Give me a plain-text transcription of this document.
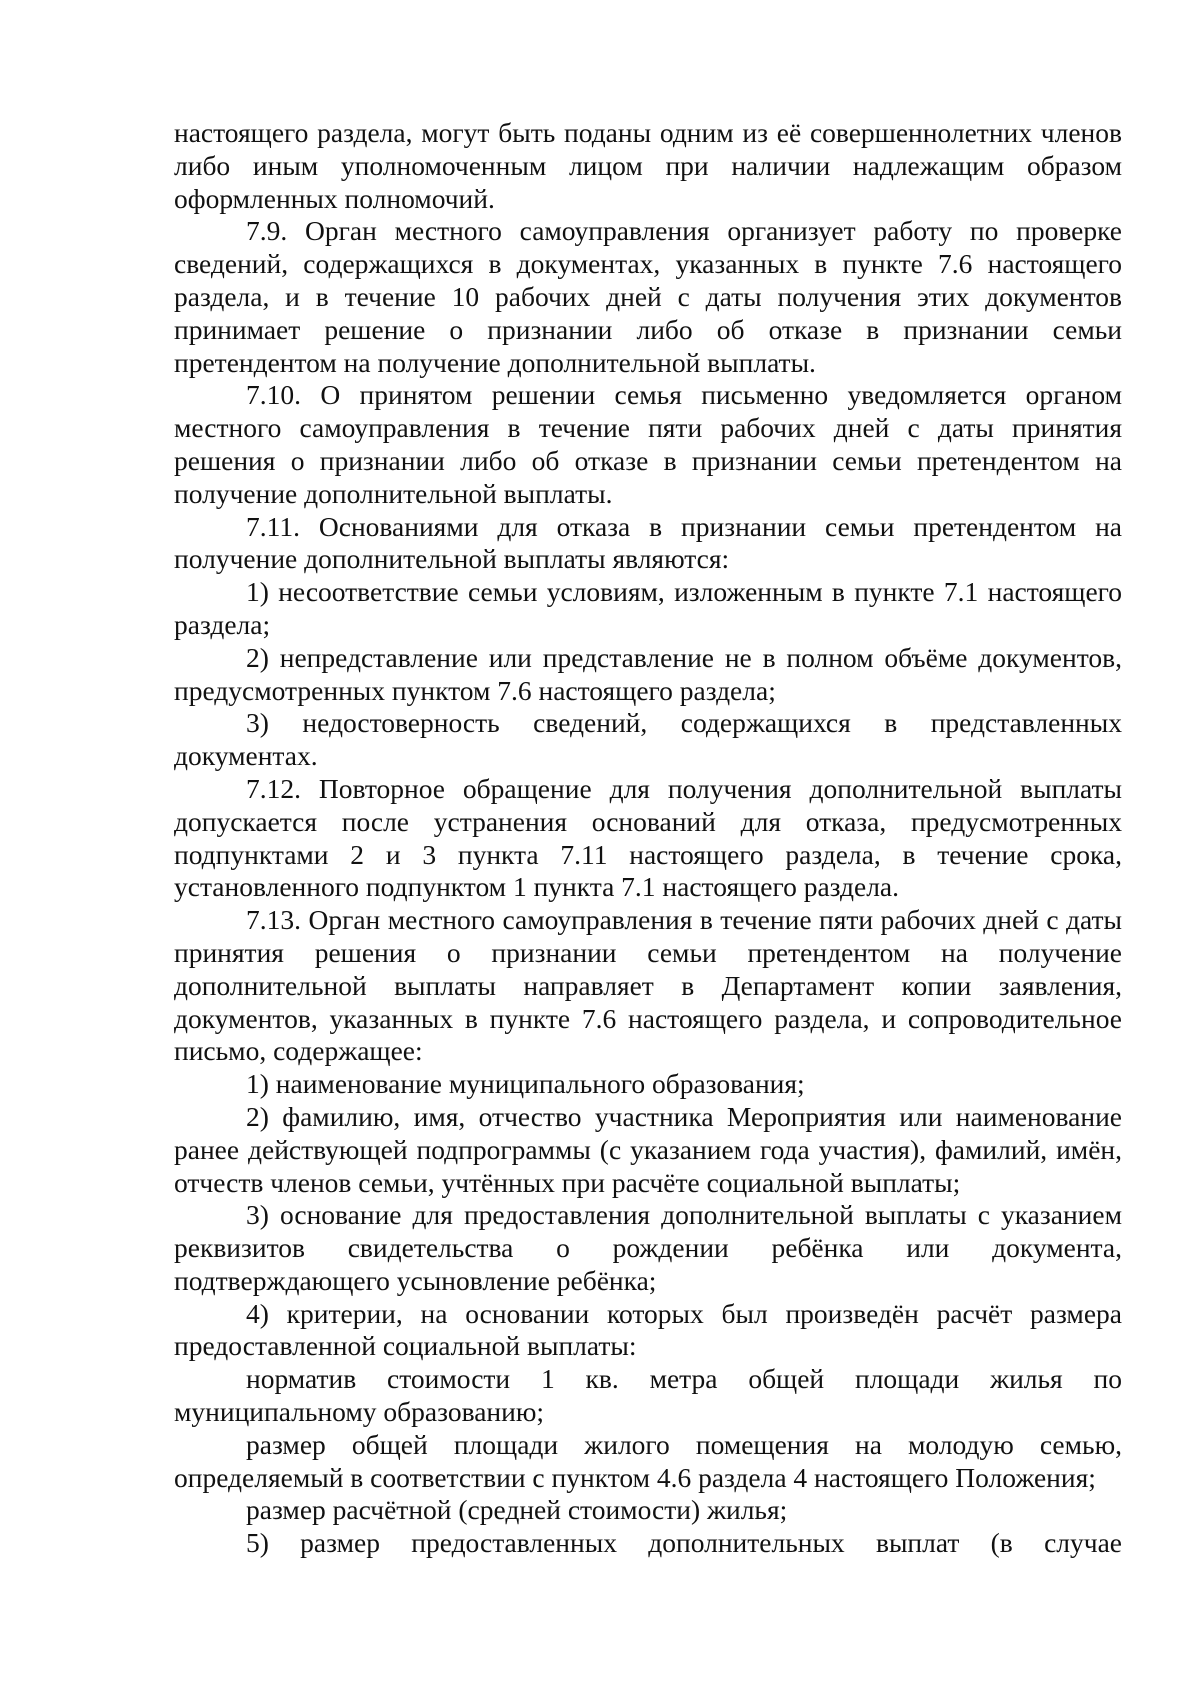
настоящего раздела, могут быть поданы одним из её совершеннолетних членов либо иным уполномоченным лицом при наличии надлежащим образом оформленных полномочий.

7.9. Орган местного самоуправления организует работу по проверке сведений, содержащихся в документах, указанных в пункте 7.6 настоящего раздела, и в течение 10 рабочих дней с даты получения этих документов принимает решение о признании либо об отказе в признании семьи претендентом на получение дополнительной выплаты.

7.10. О принятом решении семья письменно уведомляется органом местного самоуправления в течение пяти рабочих дней с даты принятия решения о признании либо об отказе в признании семьи претендентом на получение дополнительной выплаты.

7.11. Основаниями для отказа в признании семьи претендентом на получение дополнительной выплаты являются:

1) несоответствие семьи условиям, изложенным в пункте 7.1 настоящего раздела;

2) непредставление или представление не в полном объёме документов, предусмотренных пунктом 7.6 настоящего раздела;

3) недостоверность сведений, содержащихся в представленных документах.

7.12. Повторное обращение для получения дополнительной выплаты допускается после устранения оснований для отказа, предусмотренных подпунктами 2 и 3 пункта 7.11 настоящего раздела, в течение срока, установленного подпунктом 1 пункта 7.1 настоящего раздела.

7.13. Орган местного самоуправления в течение пяти рабочих дней с даты принятия решения о признании семьи претендентом на получение дополнительной выплаты направляет в Департамент копии заявления, документов, указанных в пункте 7.6 настоящего раздела, и сопроводительное письмо, содержащее:

1) наименование муниципального образования;

2) фамилию, имя, отчество участника Мероприятия или наименование ранее действующей подпрограммы (с указанием года участия), фамилий, имён, отчеств членов семьи, учтённых при расчёте социальной выплаты;

3) основание для предоставления дополнительной выплаты с указанием реквизитов свидетельства о рождении ребёнка или документа, подтверждающего усыновление ребёнка;

4) критерии, на основании которых был произведён расчёт размера предоставленной социальной выплаты:

норматив стоимости 1 кв. метра общей площади жилья по муниципальному образованию;

размер общей площади жилого помещения на молодую семью, определяемый в соответствии с пунктом 4.6 раздела 4 настоящего Положения;

размер расчётной (средней стоимости) жилья;

5) размер предоставленных дополнительных выплат (в случае
